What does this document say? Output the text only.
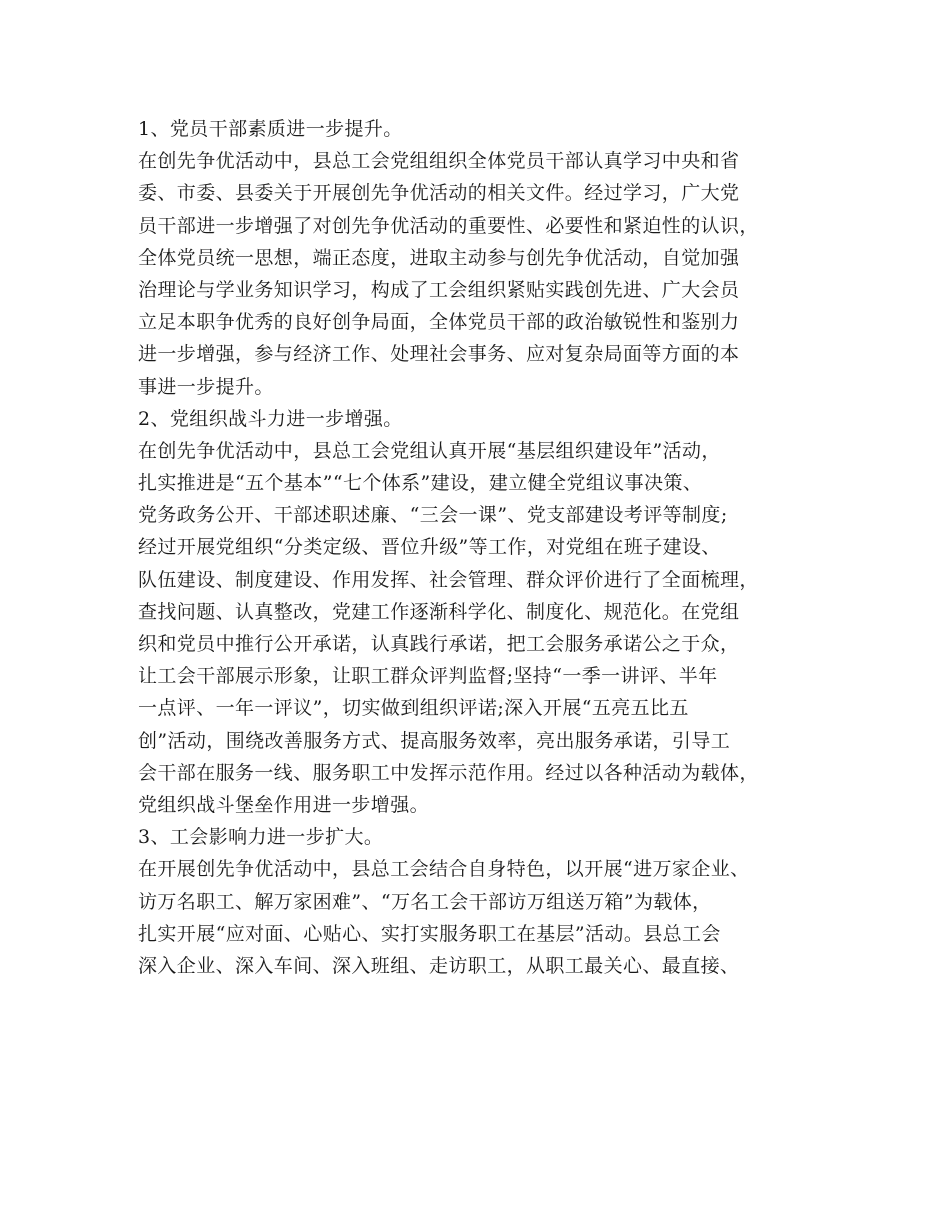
1、党员干部素质进一步提升。
在创先争优活动中，县总工会党组组织全体党员干部认真学习中央和省
委、市委、县委关于开展创先争优活动的相关文件。经过学习，广大党
员干部进一步增强了对创先争优活动的重要性、必要性和紧迫性的认识，
全体党员统一思想，端正态度，进取主动参与创先争优活动，自觉加强
治理论与学业务知识学习，构成了工会组织紧贴实践创先进、广大会员
立足本职争优秀的良好创争局面，全体党员干部的政治敏锐性和鉴别力
进一步增强，参与经济工作、处理社会事务、应对复杂局面等方面的本
事进一步提升。
2、党组织战斗力进一步增强。
在创先争优活动中，县总工会党组认真开展“基层组织建设年”活动，
扎实推进是“五个基本”“七个体系”建设，建立健全党组议事决策、
党务政务公开、干部述职述廉、“三会一课”、党支部建设考评等制度;
经过开展党组织“分类定级、晋位升级”等工作，对党组在班子建设、
队伍建设、制度建设、作用发挥、社会管理、群众评价进行了全面梳理，
查找问题、认真整改，党建工作逐渐科学化、制度化、规范化。在党组
织和党员中推行公开承诺，认真践行承诺，把工会服务承诺公之于众，
让工会干部展示形象，让职工群众评判监督;坚持“一季一讲评、半年
一点评、一年一评议”，切实做到组织评诺;深入开展“五亮五比五
创”活动，围绕改善服务方式、提高服务效率，亮出服务承诺，引导工
会干部在服务一线、服务职工中发挥示范作用。经过以各种活动为载体，
党组织战斗堡垒作用进一步增强。
3、工会影响力进一步扩大。
在开展创先争优活动中，县总工会结合自身特色，以开展“进万家企业、
访万名职工、解万家困难”、“万名工会干部访万组送万箱”为载体，
扎实开展“应对面、心贴心、实打实服务职工在基层”活动。县总工会
深入企业、深入车间、深入班组、走访职工，从职工最关心、最直接、
